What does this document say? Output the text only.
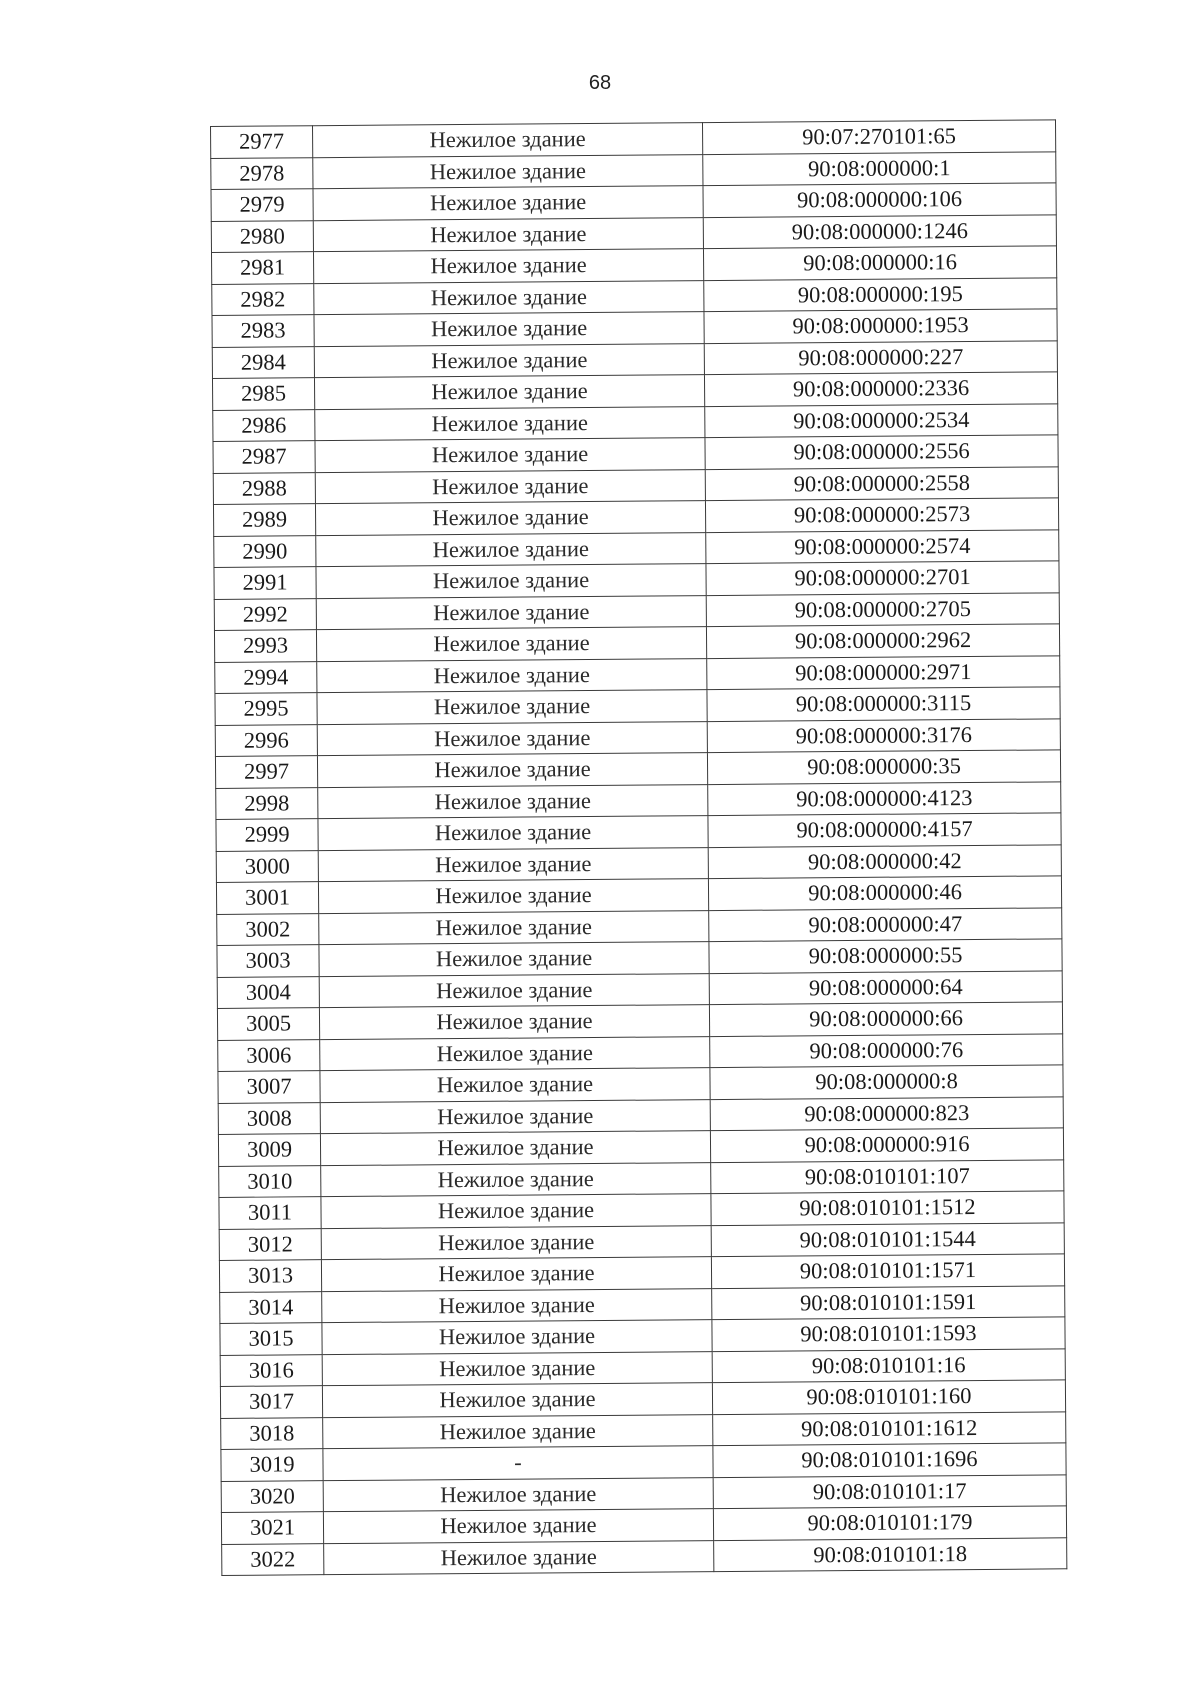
68
2977	Нежилое здание	90:07:270101:65
2978	Нежилое здание	90:08:000000:1
2979	Нежилое здание	90:08:000000:106
2980	Нежилое здание	90:08:000000:1246
2981	Нежилое здание	90:08:000000:16
2982	Нежилое здание	90:08:000000:195
2983	Нежилое здание	90:08:000000:1953
2984	Нежилое здание	90:08:000000:227
2985	Нежилое здание	90:08:000000:2336
2986	Нежилое здание	90:08:000000:2534
2987	Нежилое здание	90:08:000000:2556
2988	Нежилое здание	90:08:000000:2558
2989	Нежилое здание	90:08:000000:2573
2990	Нежилое здание	90:08:000000:2574
2991	Нежилое здание	90:08:000000:2701
2992	Нежилое здание	90:08:000000:2705
2993	Нежилое здание	90:08:000000:2962
2994	Нежилое здание	90:08:000000:2971
2995	Нежилое здание	90:08:000000:3115
2996	Нежилое здание	90:08:000000:3176
2997	Нежилое здание	90:08:000000:35
2998	Нежилое здание	90:08:000000:4123
2999	Нежилое здание	90:08:000000:4157
3000	Нежилое здание	90:08:000000:42
3001	Нежилое здание	90:08:000000:46
3002	Нежилое здание	90:08:000000:47
3003	Нежилое здание	90:08:000000:55
3004	Нежилое здание	90:08:000000:64
3005	Нежилое здание	90:08:000000:66
3006	Нежилое здание	90:08:000000:76
3007	Нежилое здание	90:08:000000:8
3008	Нежилое здание	90:08:000000:823
3009	Нежилое здание	90:08:000000:916
3010	Нежилое здание	90:08:010101:107
3011	Нежилое здание	90:08:010101:1512
3012	Нежилое здание	90:08:010101:1544
3013	Нежилое здание	90:08:010101:1571
3014	Нежилое здание	90:08:010101:1591
3015	Нежилое здание	90:08:010101:1593
3016	Нежилое здание	90:08:010101:16
3017	Нежилое здание	90:08:010101:160
3018	Нежилое здание	90:08:010101:1612
3019	-	90:08:010101:1696
3020	Нежилое здание	90:08:010101:17
3021	Нежилое здание	90:08:010101:179
3022	Нежилое здание	90:08:010101:18
